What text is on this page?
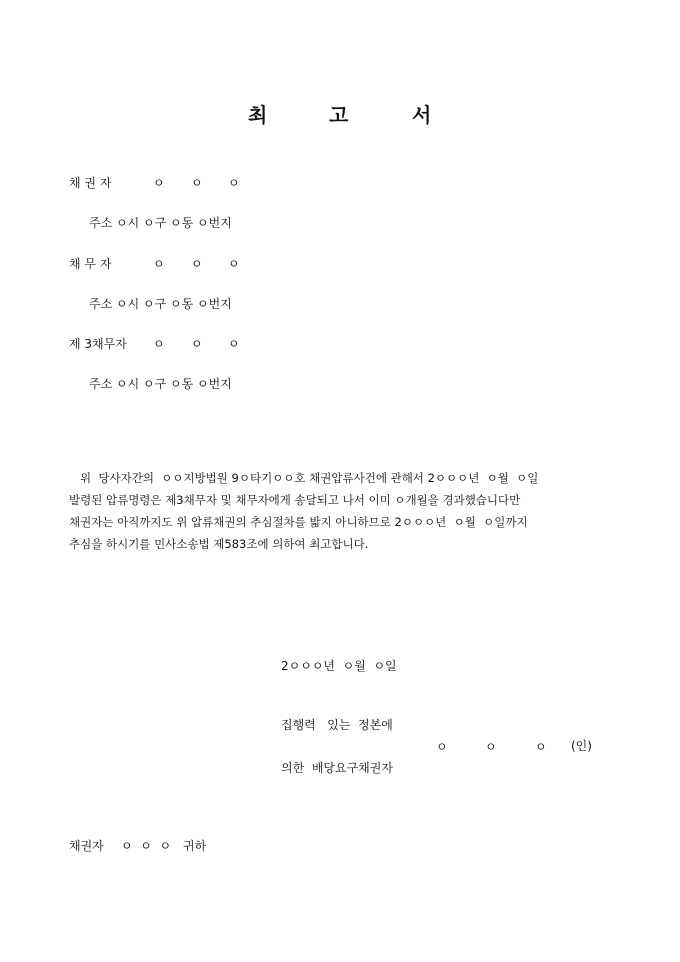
최	고	서
채 권 자	ㅇ ㅇ ㅇ
주소 ㅇ시 ㅇ구 ㅇ동 ㅇ번지
채 무 자	ㅇ ㅇ ㅇ
주소 ㅇ시 ㅇ구 ㅇ동 ㅇ번지
제 3채무자 ㅇ ㅇ ㅇ
주소 ㅇ시 ㅇ구 ㅇ동 ㅇ번지

위  당사자간의  ㅇㅇ지방법원 9ㅇ타기ㅇㅇ호 채권압류사건에 관해서 2ㅇㅇㅇ년  ㅇ월  ㅇ일

발령된 압류명령은 제3채무자 및 채무자에게 송달되고 나서 이미 ㅇ개월을 경과했습니다만

채권자는 아직까지도 위 압류채권의 추심절차를 밟지 아니하므로 2ㅇㅇㅇ년  ㅇ월  ㅇ일까지

추심을 하시기를 민사소송법 제583조에 의하여 최고합니다.

2ㅇㅇㅇ년  ㅇ월  ㅇ일
집행력   있는  정본에
ㅇ	ㅇ	ㅇ (인)
의한  배당요구채권자
채권자 ㅇ  ㅇ  ㅇ 귀하
